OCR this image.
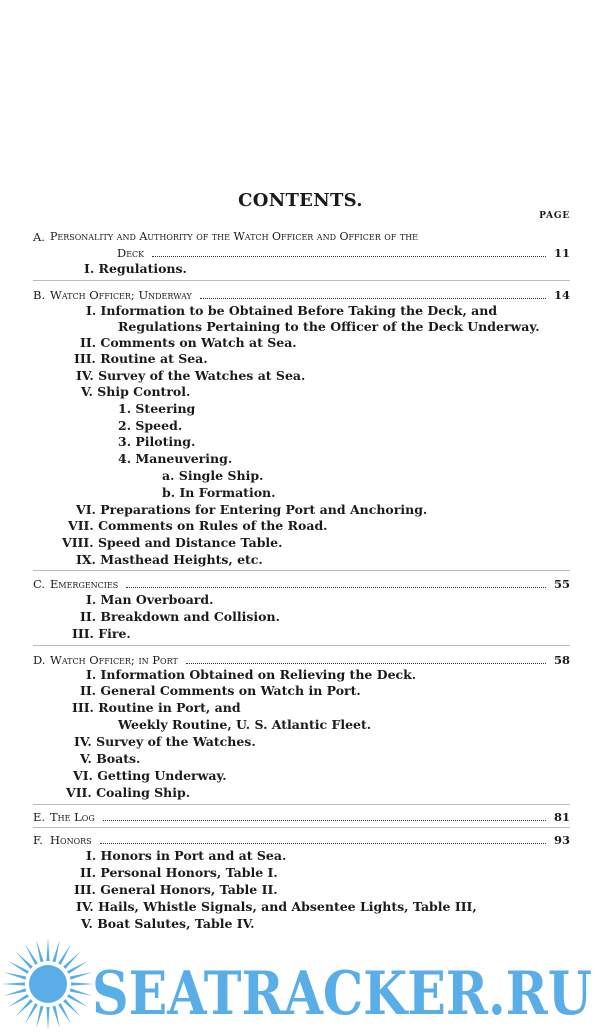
CONTENTS.
PAGE
A. Personality and Authority of the Watch Officer and Officer of the
Deck	11
I. Regulations.
B. Watch Officer; Underway	14
I. Information to be Obtained Before Taking the Deck, and
Regulations Pertaining to the Officer of the Deck Underway.
II. Comments on Watch at Sea.
III. Routine at Sea.
IV. Survey of the Watches at Sea.
V. Ship Control.
1. Steering
2. Speed.
3. Piloting.
4. Maneuvering.
a. Single Ship.
b. In Formation.
VI. Preparations for Entering Port and Anchoring.
VII. Comments on Rules of the Road.
VIII. Speed and Distance Table.
IX. Masthead Heights, etc.
C. Emergencies	55
I. Man Overboard.
II. Breakdown and Collision.
III. Fire.
D. Watch Officer; in Port	58
I. Information Obtained on Relieving the Deck.
II. General Comments on Watch in Port.
III. Routine in Port, and
Weekly Routine, U. S. Atlantic Fleet.
IV. Survey of the Watches.
V. Boats.
VI. Getting Underway.
VII. Coaling Ship.
E. The Log	81
F. Honors	93
I. Honors in Port and at Sea.
II. Personal Honors, Table I.
III. General Honors, Table II.
IV. Hails, Whistle Signals, and Absentee Lights, Table III,
V. Boat Salutes, Table IV.
SEATRACKER.RU
